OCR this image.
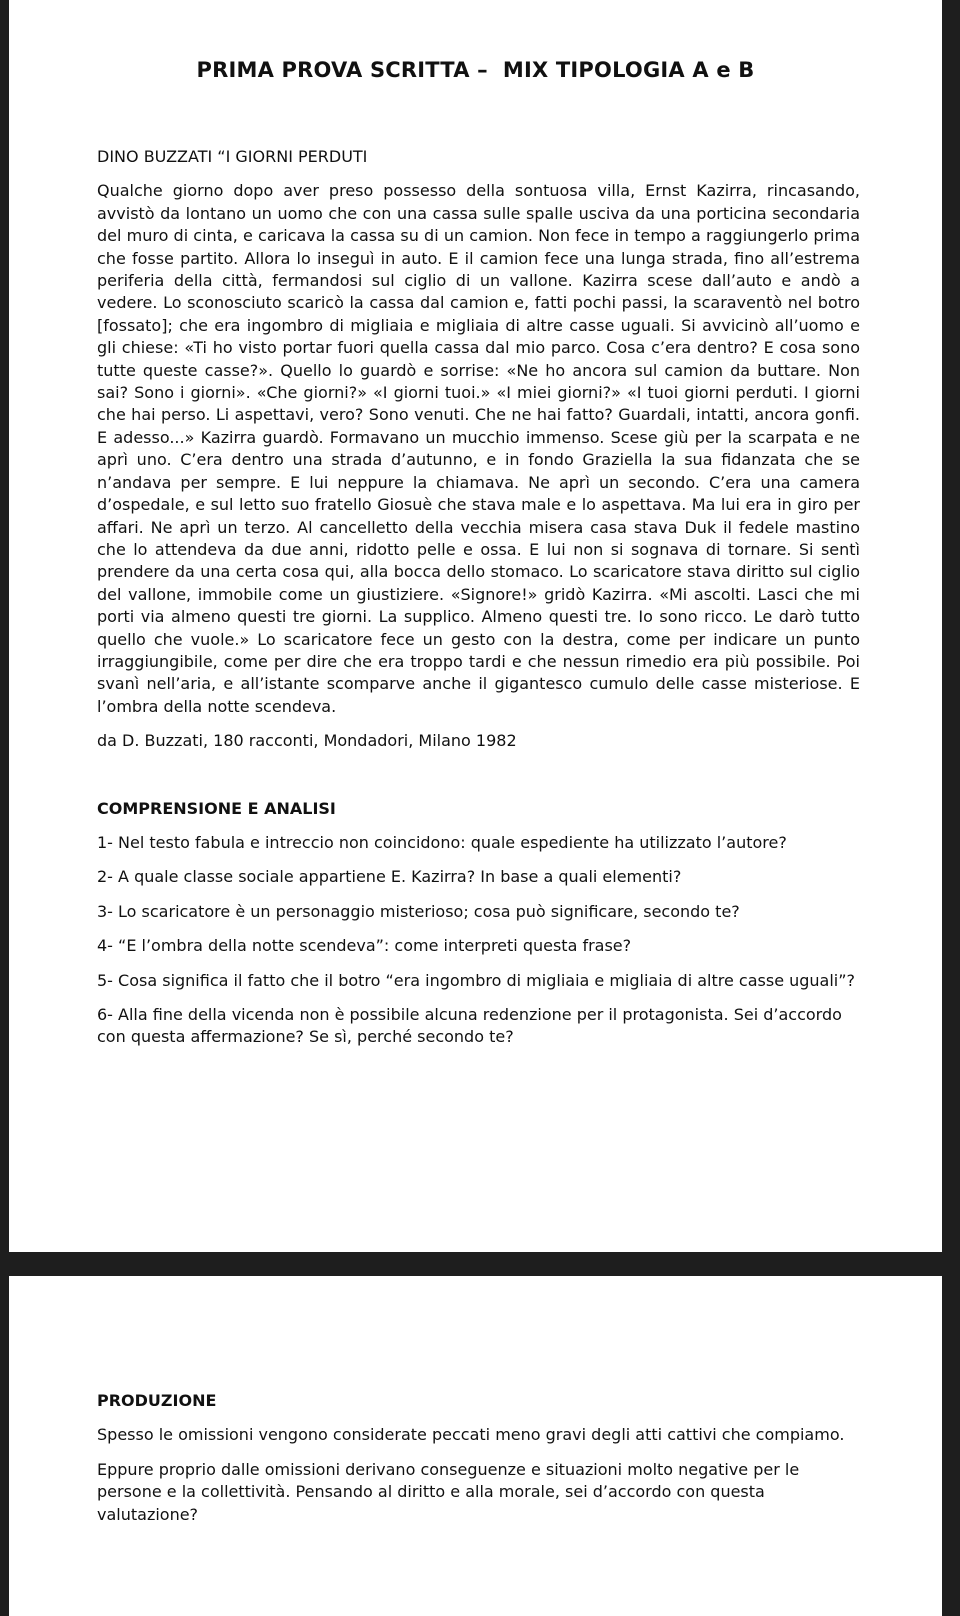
PRIMA PROVA SCRITTA –  MIX TIPOLOGIA A e B

DINO BUZZATI “I GIORNI PERDUTI

Qualche giorno dopo aver preso possesso della sontuosa villa, Ernst Kazirra, rincasando, avvistò da lontano un uomo che con una cassa sulle spalle usciva da una porticina secondaria del muro di cinta, e caricava la cassa su di un camion. Non fece in tempo a raggiungerlo prima che fosse partito. Allora lo inseguì in auto. E il camion fece una lunga strada, fino all’estrema periferia della città, fermandosi sul ciglio di un vallone. Kazirra scese dall’auto e andò a vedere. Lo sconosciuto scaricò la cassa dal camion e, fatti pochi passi, la scaraventò nel botro [fossato]; che era ingombro di migliaia e migliaia di altre casse uguali. Si avvicinò all’uomo e gli chiese: «Ti ho visto portar fuori quella cassa dal mio parco. Cosa c’era dentro? E cosa sono tutte queste casse?». Quello lo guardò e sorrise: «Ne ho ancora sul camion da buttare. Non sai? Sono i giorni». «Che giorni?» «I giorni tuoi.» «I miei giorni?» «I tuoi giorni perduti. I giorni che hai perso. Li aspettavi, vero? Sono venuti. Che ne hai fatto? Guardali, intatti, ancora gonfi. E adesso...» Kazirra guardò. Formavano un mucchio immenso. Scese giù per la scarpata e ne aprì uno. C’era dentro una strada d’autunno, e in fondo Graziella la sua fidanzata che se n’andava per sempre. E lui neppure la chiamava. Ne aprì un secondo. C’era una camera d’ospedale, e sul letto suo fratello Giosuè che stava male e lo aspettava. Ma lui era in giro per affari. Ne aprì un terzo. Al cancelletto della vecchia misera casa stava Duk il fedele mastino che lo attendeva da due anni, ridotto pelle e ossa. E lui non si sognava di tornare. Si sentì prendere da una certa cosa qui, alla bocca dello stomaco. Lo scaricatore stava diritto sul ciglio del vallone, immobile come un giustiziere. «Signore!» gridò Kazirra. «Mi ascolti. Lasci che mi porti via almeno questi tre giorni. La supplico. Almeno questi tre. Io sono ricco. Le darò tutto quello che vuole.» Lo scaricatore fece un gesto con la destra, come per indicare un punto irraggiungibile, come per dire che era troppo tardi e che nessun rimedio era più possibile. Poi svanì nell’aria, e all’istante scomparve anche il gigantesco cumulo delle casse misteriose. E l’ombra della notte scendeva.

da D. Buzzati, 180 racconti, Mondadori, Milano 1982

COMPRENSIONE E ANALISI

1- Nel testo fabula e intreccio non coincidono: quale espediente ha utilizzato l’autore?

2- A quale classe sociale appartiene E. Kazirra? In base a quali elementi?

3- Lo scaricatore è un personaggio misterioso; cosa può significare, secondo te?

4- “E l’ombra della notte scendeva”: come interpreti questa frase?

5- Cosa significa il fatto che il botro “era ingombro di migliaia e migliaia di altre casse uguali”?

6- Alla fine della vicenda non è possibile alcuna redenzione per il protagonista. Sei d’accordo con questa affermazione? Se sì, perché secondo te?

PRODUZIONE

Spesso le omissioni vengono considerate peccati meno gravi degli atti cattivi che compiamo.

Eppure proprio dalle omissioni derivano conseguenze e situazioni molto negative per le persone e la collettività. Pensando al diritto e alla morale, sei d’accordo con questa valutazione?
